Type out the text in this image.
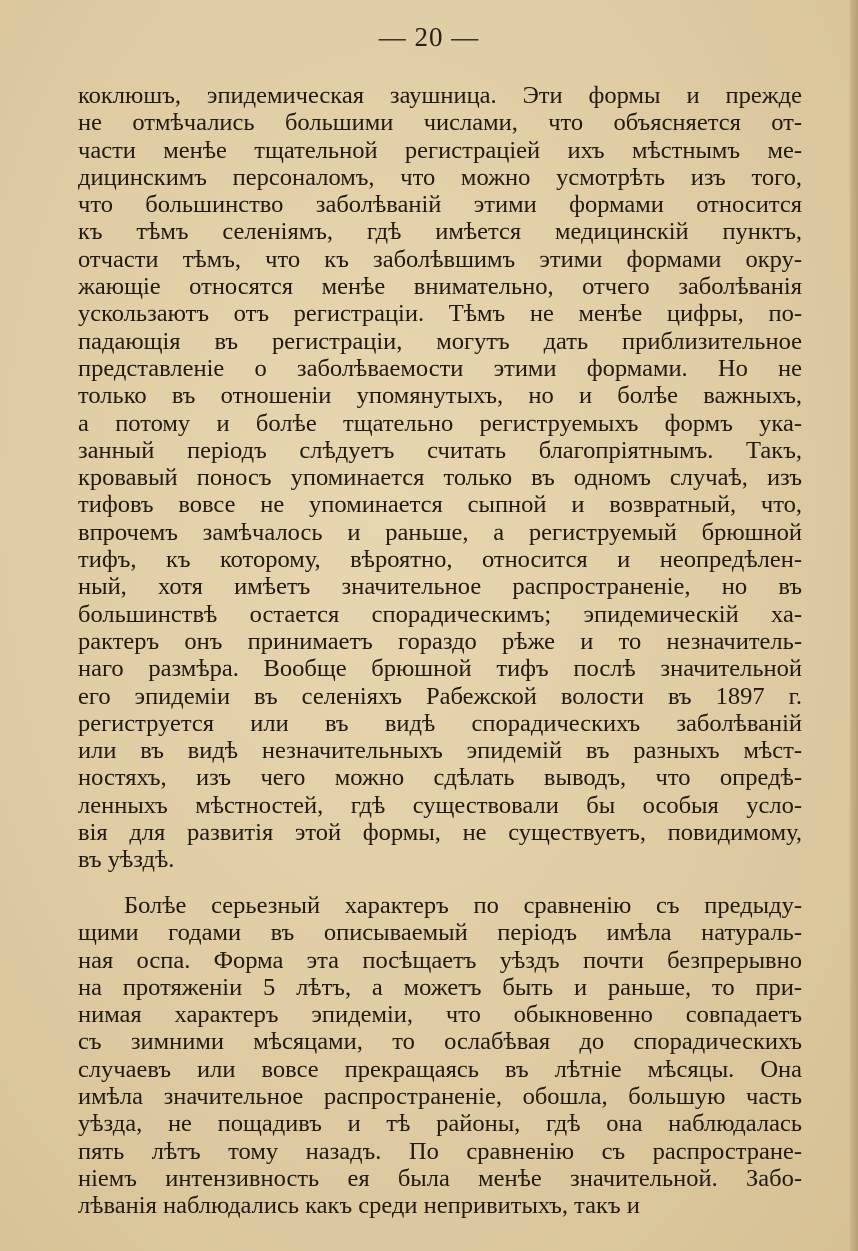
— 20 —
коклюшъ, эпидемическая заушница. Эти формы и прежде
не отмѣчались большими числами, что объясняется от-
части менѣе тщательной регистраціей ихъ мѣстнымъ ме-
дицинскимъ персоналомъ, что можно усмотрѣть изъ того,
что большинство заболѣваній этими формами относится
къ тѣмъ селеніямъ, гдѣ имѣется медицинскій пунктъ,
отчасти тѣмъ, что къ заболѣвшимъ этими формами окру-
жающіе относятся менѣе внимательно, отчего заболѣванія
ускользаютъ отъ регистраціи. Тѣмъ не менѣе цифры, по-
падающія въ регистраціи, могутъ дать приблизительное
представленіе о заболѣваемости этими формами. Но не
только въ отношеніи упомянутыхъ, но и болѣе важныхъ,
а потому и болѣе тщательно региструемыхъ формъ ука-
занный періодъ слѣдуетъ считать благопріятнымъ. Такъ,
кровавый поносъ упоминается только въ одномъ случаѣ, изъ
тифовъ вовсе не упоминается сыпной и возвратный, что,
впрочемъ замѣчалось и раньше, а региструемый брюшной
тифъ, къ которому, вѣроятно, относится и неопредѣлен-
ный, хотя имѣетъ значительное распространеніе, но въ
большинствѣ остается спорадическимъ; эпидемическій ха-
рактеръ онъ принимаетъ гораздо рѣже и то незначитель-
наго размѣра. Вообще брюшной тифъ послѣ значительной
его эпидеміи въ селеніяхъ Рабежской волости въ 1897 г.
региструется или въ видѣ спорадическихъ заболѣваній
или въ видѣ незначительныхъ эпидемій въ разныхъ мѣст-
ностяхъ, изъ чего можно сдѣлать выводъ, что опредѣ-
ленныхъ мѣстностей, гдѣ существовали бы особыя усло-
вія для развитія этой формы, не существуетъ, повидимому,
въ уѣздѣ.
Болѣе серьезный характеръ по сравненію съ предыду-
щими годами въ описываемый періодъ имѣла натураль-
ная оспа. Форма эта посѣщаетъ уѣздъ почти безпрерывно
на протяженіи 5 лѣтъ, а можетъ быть и раньше, то при-
нимая характеръ эпидеміи, что обыкновенно совпадаетъ
съ зимними мѣсяцами, то ослабѣвая до спорадическихъ
случаевъ или вовсе прекращаясь въ лѣтніе мѣсяцы. Она
имѣла значительное распространеніе, обошла, большую часть
уѣзда, не пощадивъ и тѣ районы, гдѣ она наблюдалась
пять лѣтъ тому назадъ. По сравненію съ распростране-
ніемъ интензивность ея была менѣе значительной. Забо-
лѣванія наблюдались какъ среди непривитыхъ, такъ и
